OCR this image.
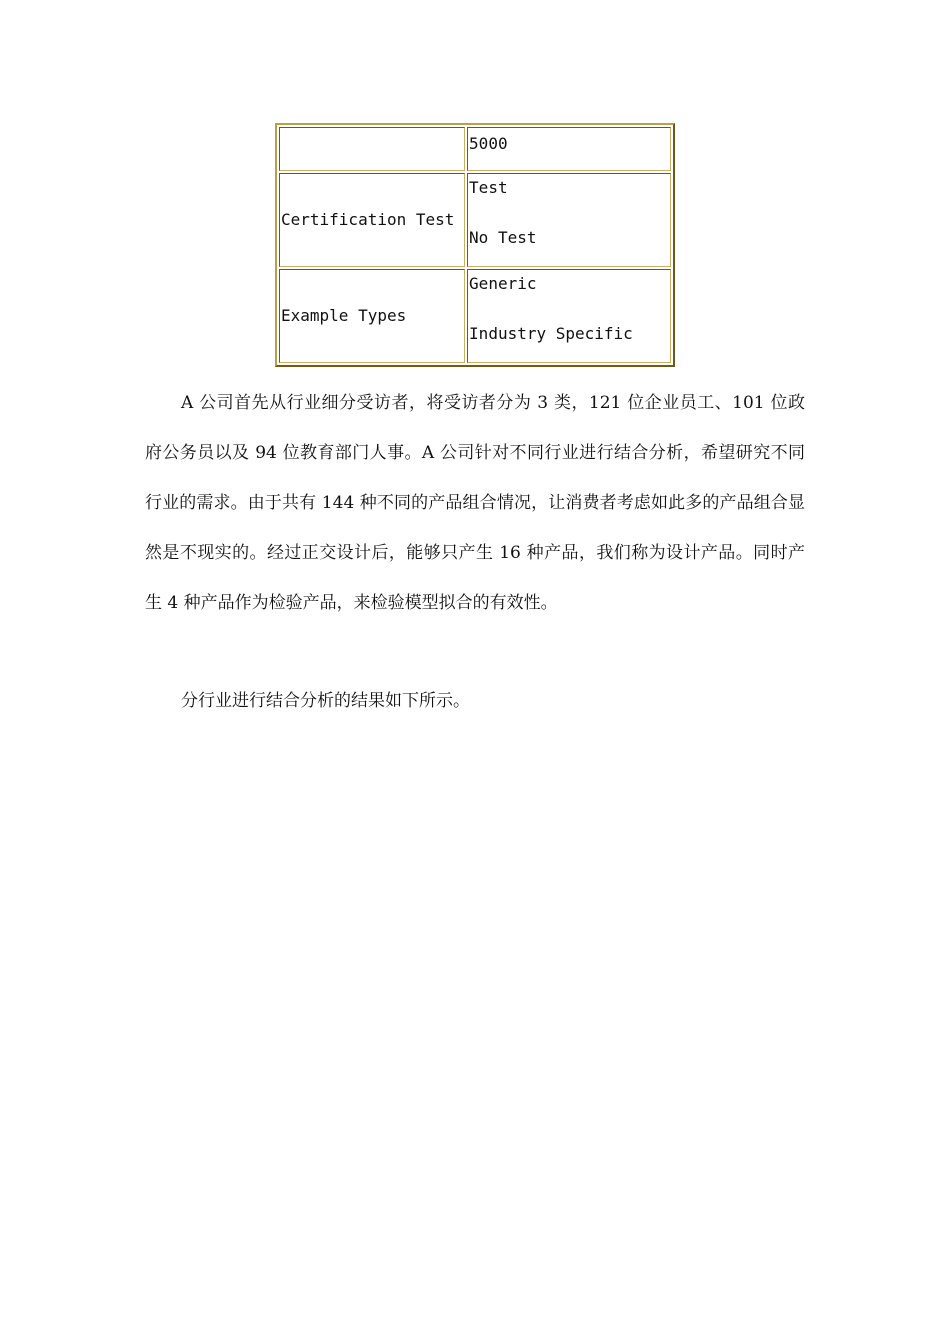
	5000

Certification Test	Test
No Test

Example Types	Generic
Industry Specific

A 公司首先从行业细分受访者，将受访者分为 3 类，121 位企业员工、101 位政府公务员以及 94 位教育部门人事。A 公司针对不同行业进行结合分析，希望研究不同行业的需求。由于共有 144 种不同的产品组合情况，让消费者考虑如此多的产品组合显然是不现实的。经过正交设计后，能够只产生 16 种产品，我们称为设计产品。同时产生 4 种产品作为检验产品，来检验模型拟合的有效性。

分行业进行结合分析的结果如下所示。
